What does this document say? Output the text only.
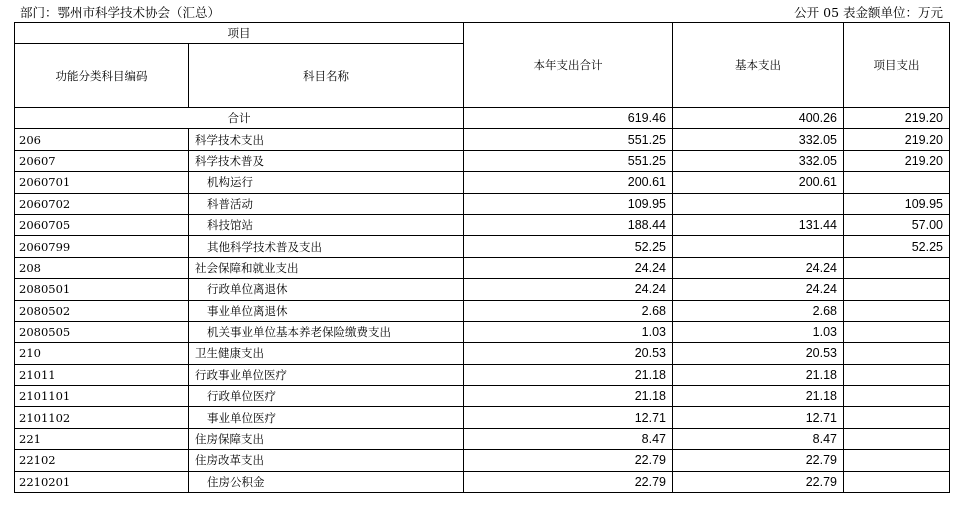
部门：鄂州市科学技术协会（汇总）	公开 05 表金额单位：万元
项目		本年支出合计	基本支出	项目支出
功能分类科目编码	科目名称			
合计		619.46	400.26	219.20
206	科学技术支出	551.25	332.05	219.20
20607	科学技术普及	551.25	332.05	219.20
2060701	机构运行	200.61	200.61	
2060702	科普活动	109.95		109.95
2060705	科技馆站	188.44	131.44	57.00
2060799	其他科学技术普及支出	52.25		52.25
208	社会保障和就业支出	24.24	24.24	
2080501	行政单位离退休	24.24	24.24	
2080502	事业单位离退休	2.68	2.68	
2080505	机关事业单位基本养老保险缴费支出	1.03	1.03	
210	卫生健康支出	20.53	20.53	
21011	行政事业单位医疗	21.18	21.18	
2101101	行政单位医疗	21.18	21.18	
2101102	事业单位医疗	12.71	12.71	
221	住房保障支出	8.47	8.47	
22102	住房改革支出	22.79	22.79	
2210201	住房公积金	22.79	22.79	
